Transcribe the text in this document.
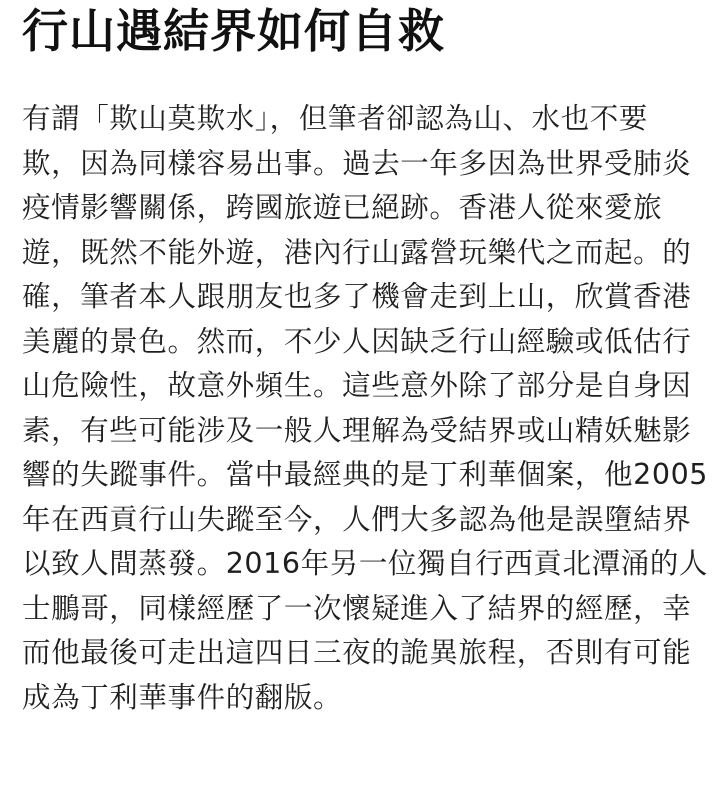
行山遇結界如何自救
有謂「欺山莫欺水」，但筆者卻認為山、水也不要
欺，因為同樣容易出事。過去一年多因為世界受肺炎
疫情影響關係，跨國旅遊已絕跡。香港人從來愛旅
遊，既然不能外遊，港內行山露營玩樂代之而起。的
確，筆者本人跟朋友也多了機會走到上山，欣賞香港
美麗的景色。然而，不少人因缺乏行山經驗或低估行
山危險性，故意外頻生。這些意外除了部分是自身因
素，有些可能涉及一般人理解為受結界或山精妖魅影
響的失蹤事件。當中最經典的是丁利華個案，他2005
年在西貢行山失蹤至今，人們大多認為他是誤墮結界
以致人間蒸發。2016年另一位獨自行西貢北潭涌的人
士鵬哥，同樣經歷了一次懷疑進入了結界的經歷，幸
而他最後可走出這四日三夜的詭異旅程，否則有可能
成為丁利華事件的翻版。
